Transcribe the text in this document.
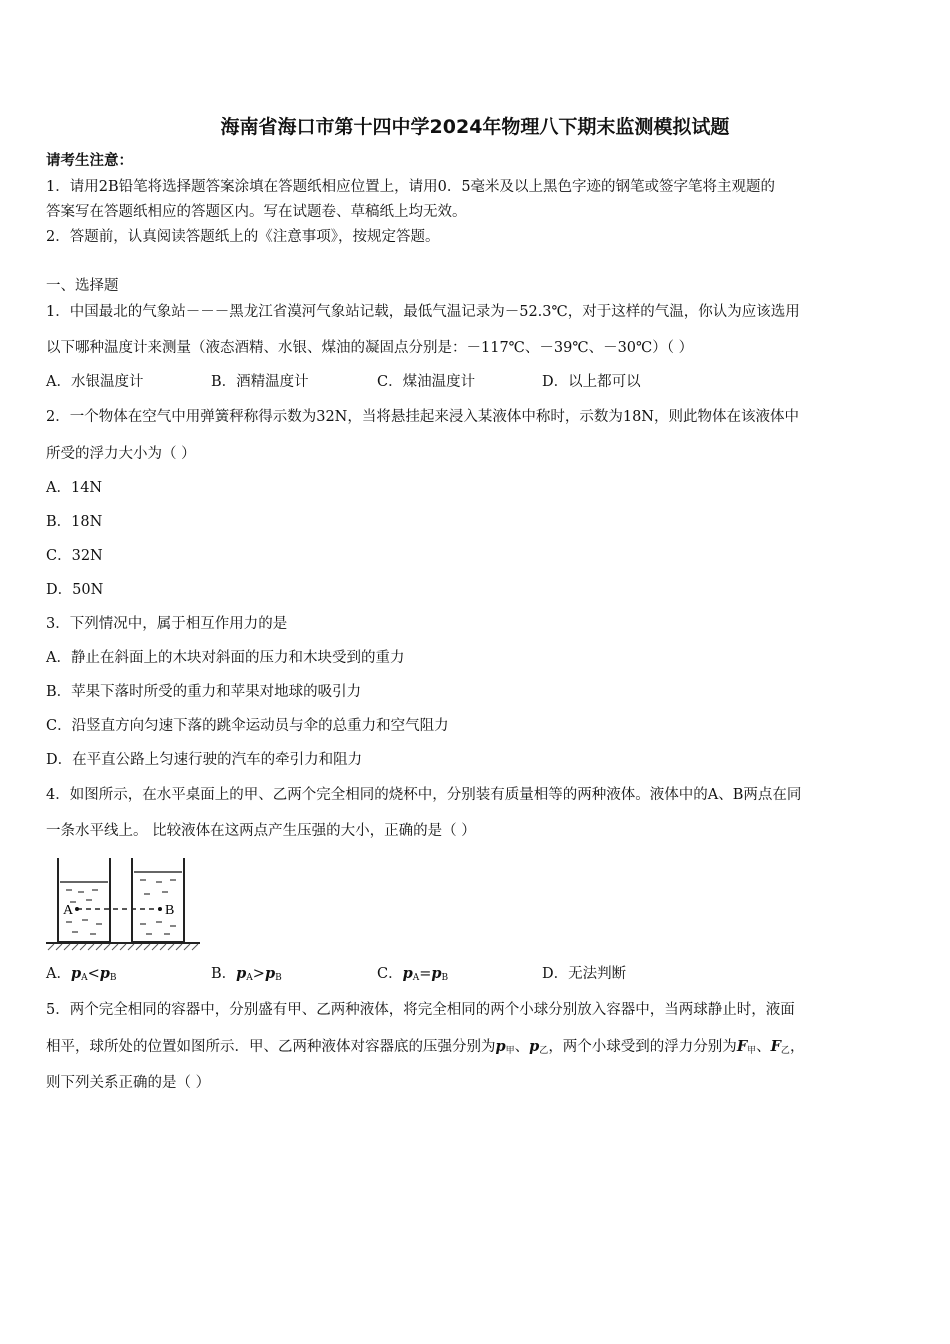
海南省海口市第十四中学2024年物理八下期末监测模拟试题
请考生注意：
1．请用2B铅笔将选择题答案涂填在答题纸相应位置上，请用0．5毫米及以上黑色字迹的钢笔或签字笔将主观题的
答案写在答题纸相应的答题区内。写在试题卷、草稿纸上均无效。
2．答题前，认真阅读答题纸上的《注意事项》，按规定答题。
一、选择题
1．中国最北的气象站－－－黑龙江省漠河气象站记载，最低气温记录为－52.3℃，对于这样的气温，你认为应该选用
以下哪种温度计来测量（液态酒精、水银、煤油的凝固点分别是：－117℃、－39℃、－30℃）（ ）
A．水银温度计	B．酒精温度计	C．煤油温度计	D．以上都可以
2．一个物体在空气中用弹簧秤称得示数为32N，当将悬挂起来浸入某液体中称时，示数为18N，则此物体在该液体中
所受的浮力大小为（ ）
A．14N
B．18N
C．32N
D．50N
3．下列情况中，属于相互作用力的是
A．静止在斜面上的木块对斜面的压力和木块受到的重力
B．苹果下落时所受的重力和苹果对地球的吸引力
C．沿竖直方向匀速下落的跳伞运动员与伞的总重力和空气阻力
D．在平直公路上匀速行驶的汽车的牵引力和阻力
4．如图所示，在水平桌面上的甲、乙两个完全相同的烧杯中，分别装有质量相等的两种液体。液体中的A、B两点在同
一条水平线上。 比较液体在这两点产生压强的大小，正确的是（ ）
A	B
A．$p_A<p_B$	B．$p_A>p_B$	C．$p_A=p_B$	D．无法判断
5．两个完全相同的容器中，分别盛有甲、乙两种液体，将完全相同的两个小球分别放入容器中，当两球静止时，液面
相平，球所处的位置如图所示．甲、乙两种液体对容器底的压强分别为$p_甲$、$p_乙$，两个小球受到的浮力分别为$F_甲$、$F_乙$，
则下列关系正确的是（ ）
